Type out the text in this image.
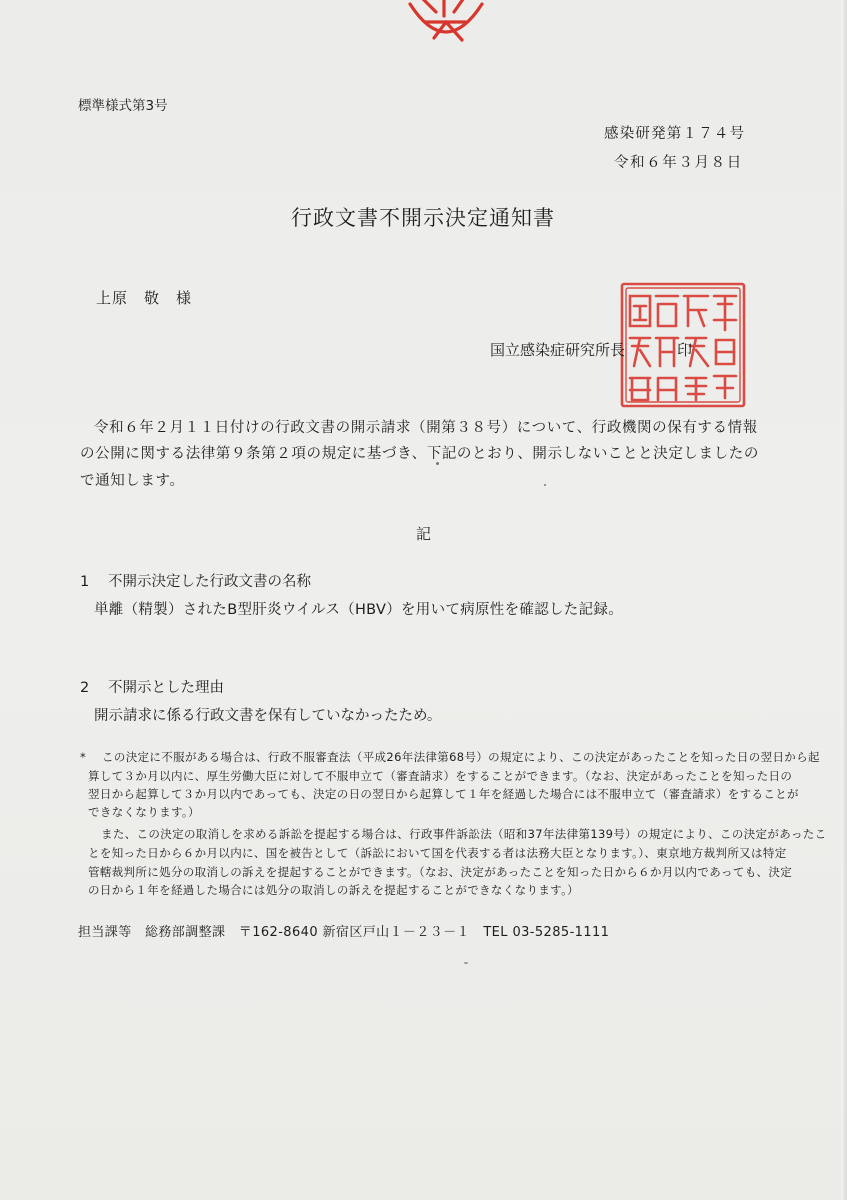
標準様式第3号
感染研発第１７４号
令和６年３月８日
行政文書不開示決定通知書
上原　敬　様
国立感染症研究所長	印
令和６年２月１１日付けの行政文書の開示請求（開第３８号）について、行政機関の保有する情報
の公開に関する法律第９条第２項の規定に基づき、下記のとおり、開示しないことと決定しましたの
で通知します。
記
1 不開示決定した行政文書の名称
単離（精製）されたB型肝炎ウイルス（HBV）を用いて病原性を確認した記録。
2 不開示とした理由
開示請求に係る行政文書を保有していなかったため。
* この決定に不服がある場合は、行政不服審査法（平成26年法律第68号）の規定により、この決定があったことを知った日の翌日から起
算して３か月以内に、厚生労働大臣に対して不服申立て（審査請求）をすることができます。（なお、決定があったことを知った日の
翌日から起算して３か月以内であっても、決定の日の翌日から起算して１年を経過した場合には不服申立て（審査請求）をすることが
できなくなります。）
また、この決定の取消しを求める訴訟を提起する場合は、行政事件訴訟法（昭和37年法律第139号）の規定により、この決定があったこ
とを知った日から６か月以内に、国を被告として（訴訟において国を代表する者は法務大臣となります。）、東京地方裁判所又は特定
管轄裁判所に処分の取消しの訴えを提起することができます。（なお、決定があったことを知った日から６か月以内であっても、決定
の日から１年を経過した場合には処分の取消しの訴えを提起することができなくなります。）
担当課等　総務部調整課　〒162-8640 新宿区戸山１－２３－１　TEL 03-5285-1111
